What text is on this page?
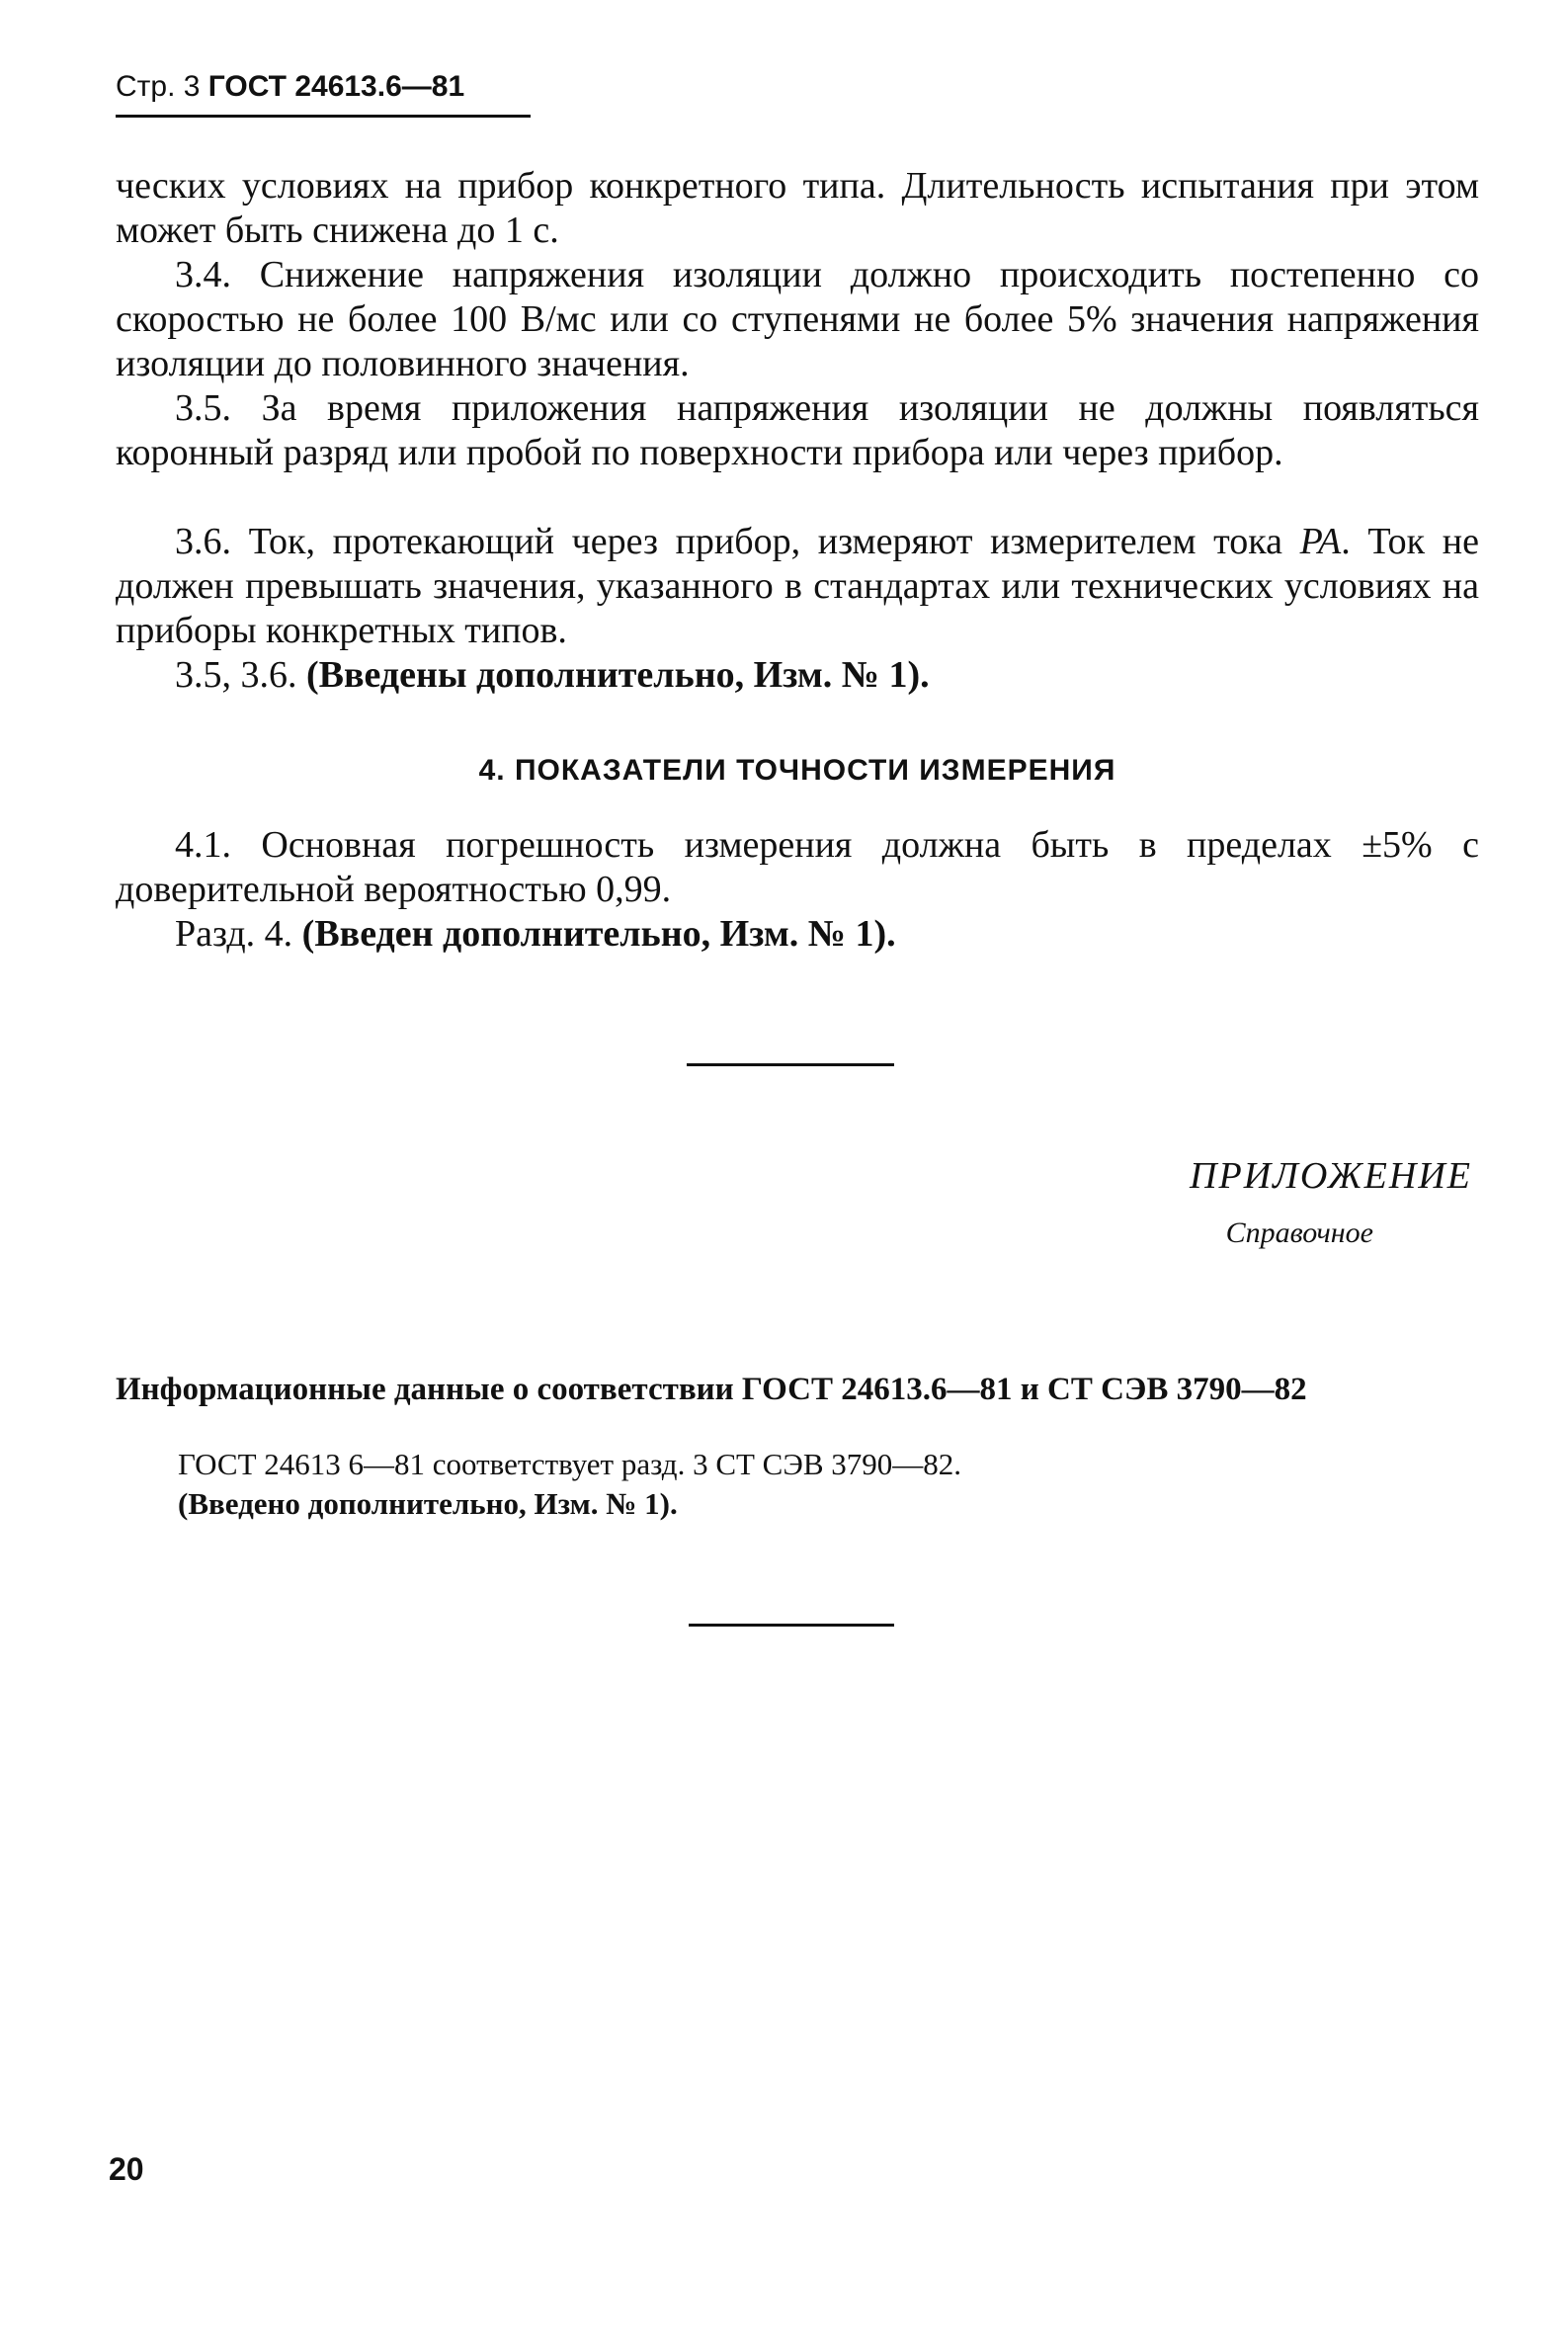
Стр. 3 ГОСТ 24613.6—81
ческих условиях на прибор конкретного типа. Длительность испытания при этом может быть снижена до 1 с.
3.4. Снижение напряжения изоляции должно происходить постепенно со скоростью не более 100 В/мс или со ступенями не более 5% значения напряжения изоляции до половинного значения.
3.5. За время приложения напряжения изоляции не должны появляться коронный разряд или пробой по поверхности прибора или через прибор.
3.6. Ток, протекающий через прибор, измеряют измерителем тока PA. Ток не должен превышать значения, указанного в стандартах или технических условиях на приборы конкретных типов.
3.5, 3.6. (Введены дополнительно, Изм. № 1).
4. ПОКАЗАТЕЛИ ТОЧНОСТИ ИЗМЕРЕНИЯ
4.1. Основная погрешность измерения должна быть в пределах ±5% с доверительной вероятностью 0,99.
Разд. 4. (Введен дополнительно, Изм. № 1).
ПРИЛОЖЕНИЕ
Справочное
Информационные данные о соответствии ГОСТ 24613.6—81 и СТ СЭВ 3790—82
ГОСТ 24613 6—81 соответствует разд. 3 СТ СЭВ 3790—82.
(Введено дополнительно, Изм. № 1).
20
